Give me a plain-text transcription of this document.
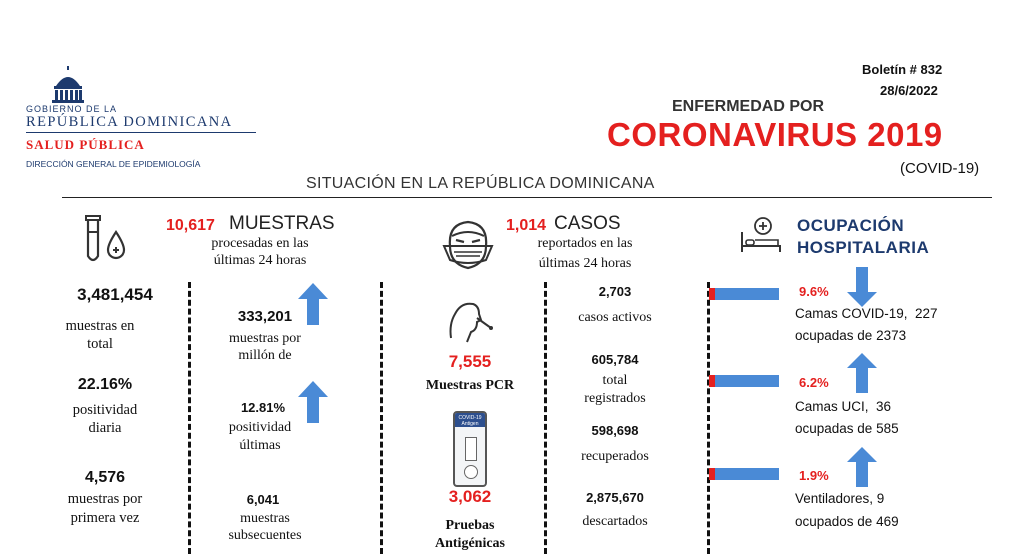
GOBIERNO DE LA
REPÚBLICA DOMINICANA
SALUD PÚBLICA
DIRECCIÓN GENERAL DE EPIDEMIOLOGÍA
Boletín # 832
28/6/2022
ENFERMEDAD POR
CORONAVIRUS 2019
(COVID-19)
SITUACIÓN EN LA REPÚBLICA DOMINICANA
10,617 MUESTRAS
procesadas en las
últimas 24 horas
3,481,454
muestras en
total
22.16%
positividad
diaria
4,576
muestras por
primera vez
333,201
muestras por
millón de
12.81%
positividad
últimas
6,041
muestras
subsecuentes
7,555
Muestras PCR
COVID-19
Antigen
3,062
Pruebas
Antigénicas
1,014 CASOS
reportados en las
últimas 24 horas
2,703
casos activos
605,784
total
registrados
598,698
recuperados
2,875,670
descartados
OCUPACIÓN
HOSPITALARIA
9.6%
Camas COVID-19,  227
ocupadas de 2373
6.2%
Camas UCI,  36
ocupadas de 585
1.9%
Ventiladores, 9
ocupados de 469
